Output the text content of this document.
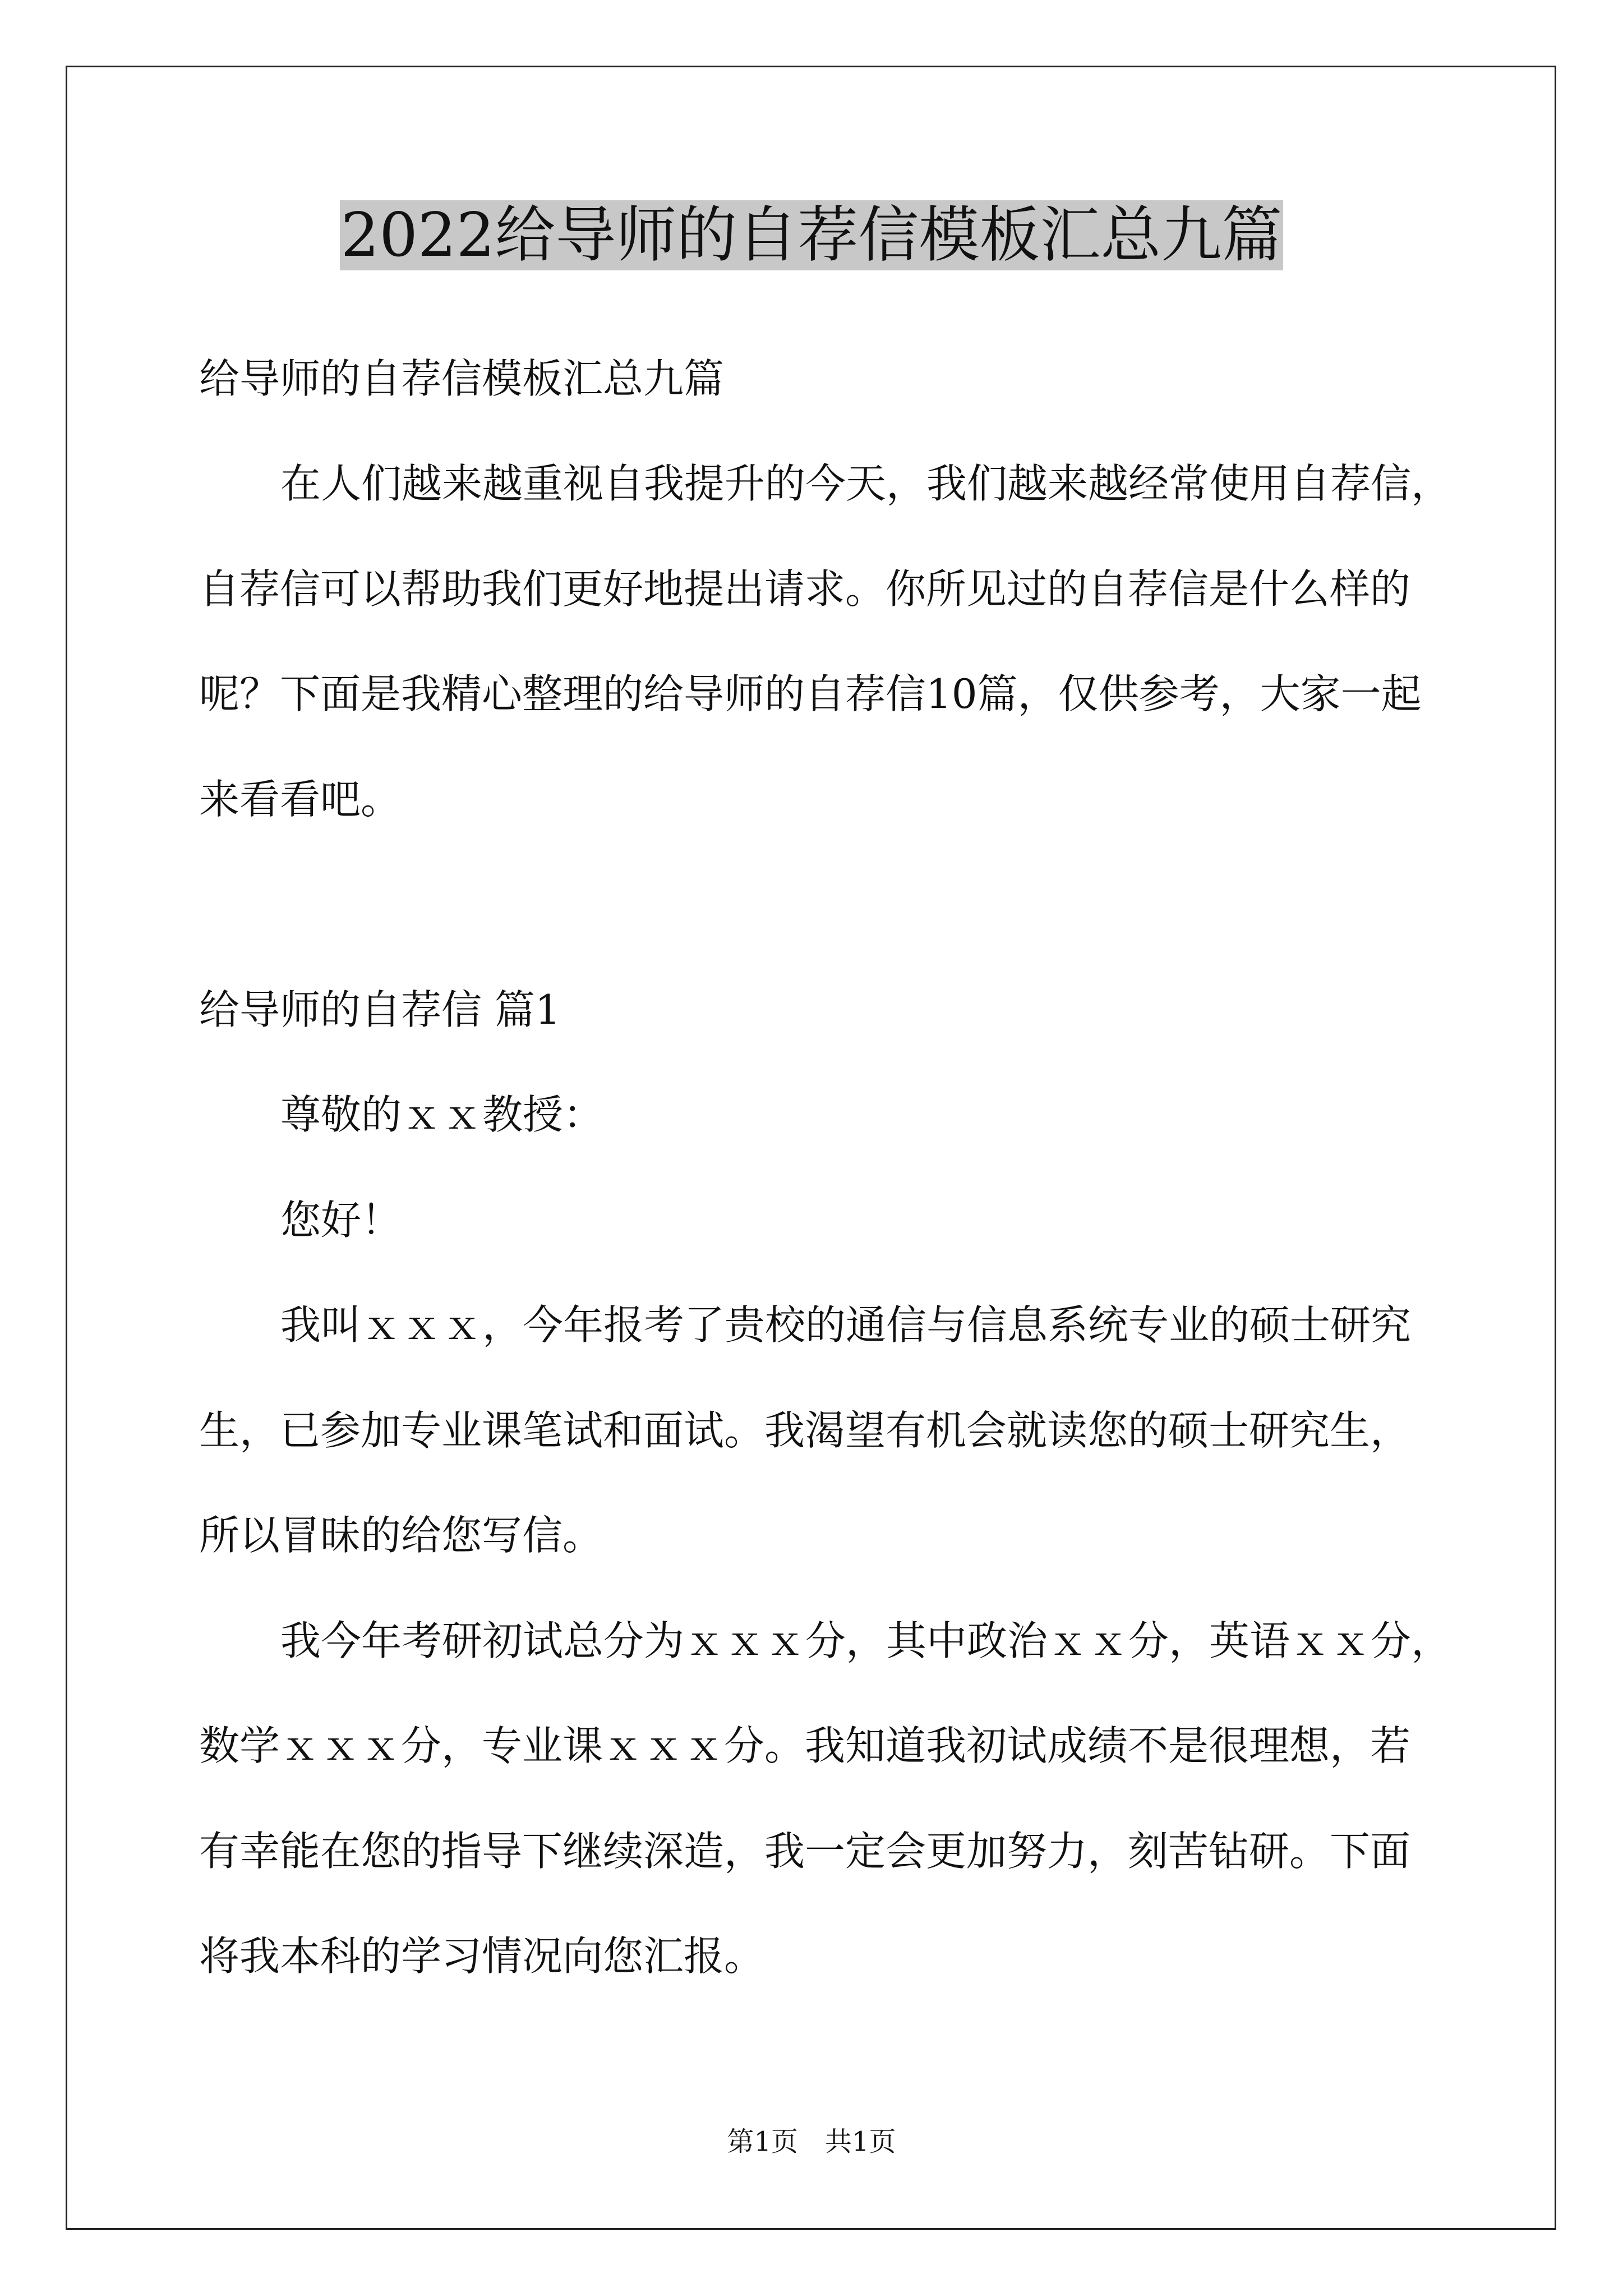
2022给导师的自荐信模板汇总九篇
给导师的自荐信模板汇总九篇
在人们越来越重视自我提升的今天，我们越来越经常使用自荐信，
自荐信可以帮助我们更好地提出请求。你所见过的自荐信是什么样的
呢？下面是我精心整理的给导师的自荐信10篇，仅供参考，大家一起
来看看吧。
给导师的自荐信 篇1
尊敬的ｘｘ教授：
您好！
我叫ｘｘｘ，今年报考了贵校的通信与信息系统专业的硕士研究
生，已参加专业课笔试和面试。我渴望有机会就读您的硕士研究生，
所以冒昧的给您写信。
我今年考研初试总分为ｘｘｘ分，其中政治ｘｘ分，英语ｘｘ分，
数学ｘｘｘ分，专业课ｘｘｘ分。我知道我初试成绩不是很理想，若
有幸能在您的指导下继续深造，我一定会更加努力，刻苦钻研。下面
将我本科的学习情况向您汇报。
第1页　共1页
